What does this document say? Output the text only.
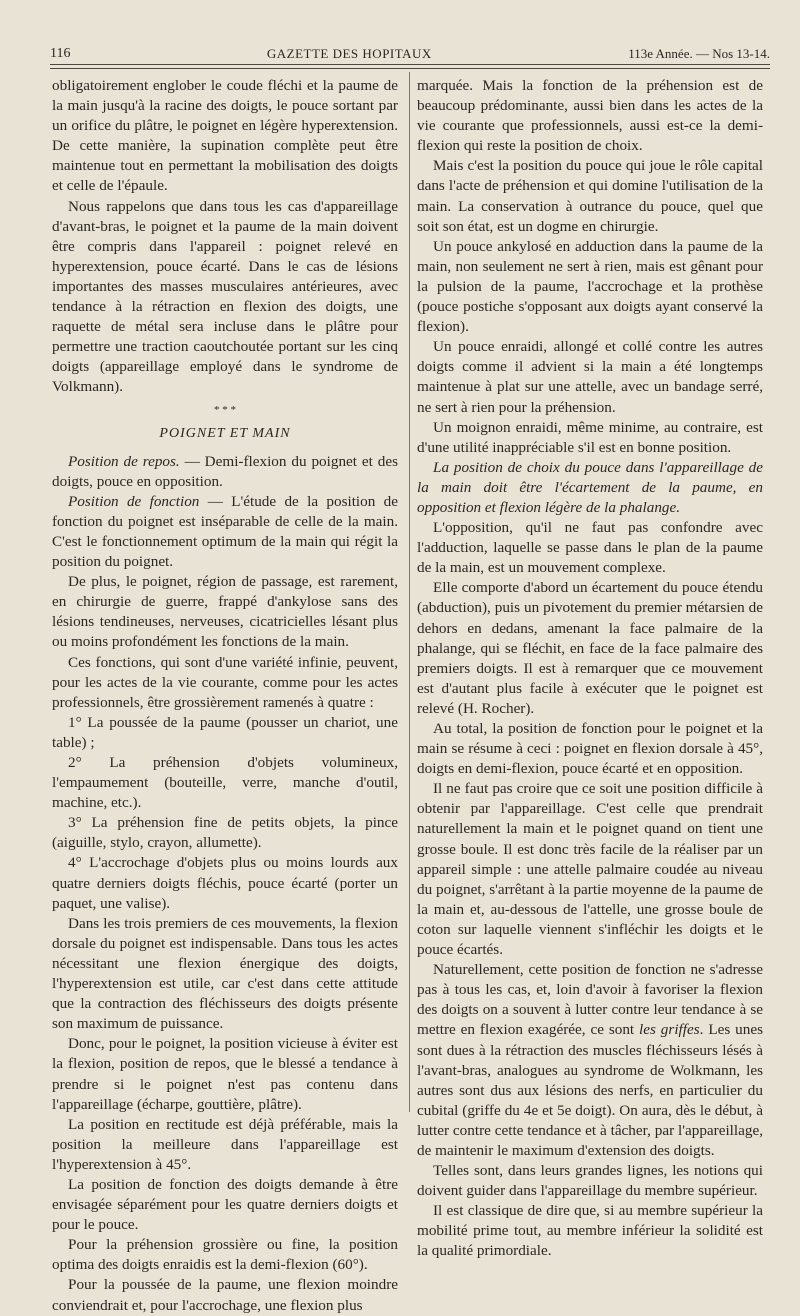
116	GAZETTE DES HOPITAUX	113e Année. — Nos 13-14.

obligatoirement englober le coude fléchi et la paume de la main jusqu'à la racine des doigts, le pouce sortant par un orifice du plâtre, le poignet en légère hyperextension. De cette manière, la supination complète peut être maintenue tout en permettant la mobilisation des doigts et celle de l'épaule.

Nous rappelons que dans tous les cas d'appareillage d'avant-bras, le poignet et la paume de la main doivent être compris dans l'appareil : poignet relevé en hyperextension, pouce écarté. Dans le cas de lésions importantes des masses musculaires antérieures, avec tendance à la rétraction en flexion des doigts, une raquette de métal sera incluse dans le plâtre pour permettre une traction caoutchoutée portant sur les cinq doigts (appareillage employé dans le syndrome de Volkmann).

* * *
POIGNET ET MAIN

Position de repos. — Demi-flexion du poignet et des doigts, pouce en opposition.

Position de fonction — L'étude de la position de fonction du poignet est inséparable de celle de la main. C'est le fonctionnement optimum de la main qui régit la position du poignet.

De plus, le poignet, région de passage, est rarement, en chirurgie de guerre, frappé d'ankylose sans des lésions tendineuses, nerveuses, cicatricielles lésant plus ou moins profondément les fonctions de la main.

Ces fonctions, qui sont d'une variété infinie, peuvent, pour les actes de la vie courante, comme pour les actes professionnels, être grossièrement ramenés à quatre :

1° La poussée de la paume (pousser un chariot, une table) ;

2° La préhension d'objets volumineux, l'empaumement (bouteille, verre, manche d'outil, machine, etc.).

3° La préhension fine de petits objets, la pince (aiguille, stylo, crayon, allumette).

4° L'accrochage d'objets plus ou moins lourds aux quatre derniers doigts fléchis, pouce écarté (porter un paquet, une valise).

Dans les trois premiers de ces mouvements, la flexion dorsale du poignet est indispensable. Dans tous les actes nécessitant une flexion énergique des doigts, l'hyperextension est utile, car c'est dans cette attitude que la contraction des fléchisseurs des doigts présente son maximum de puissance.

Donc, pour le poignet, la position vicieuse à éviter est la flexion, position de repos, que le blessé a tendance à prendre si le poignet n'est pas contenu dans l'appareillage (écharpe, gouttière, plâtre).

La position en rectitude est déjà préférable, mais la position la meilleure dans l'appareillage est l'hyperextension à 45°.

La position de fonction des doigts demande à être envisagée séparément pour les quatre derniers doigts et pour le pouce.

Pour la préhension grossière ou fine, la position optima des doigts enraidis est la demi-flexion (60°).

Pour la poussée de la paume, une flexion moindre conviendrait et, pour l'accrochage, une flexion plus

marquée. Mais la fonction de la préhension est de beaucoup prédominante, aussi bien dans les actes de la vie courante que professionnels, aussi est-ce la demi-flexion qui reste la position de choix.

Mais c'est la position du pouce qui joue le rôle capital dans l'acte de préhension et qui domine l'utilisation de la main. La conservation à outrance du pouce, quel que soit son état, est un dogme en chirurgie.

Un pouce ankylosé en adduction dans la paume de la main, non seulement ne sert à rien, mais est gênant pour la pulsion de la paume, l'accrochage et la prothèse (pouce postiche s'opposant aux doigts ayant conservé la flexion).

Un pouce enraidi, allongé et collé contre les autres doigts comme il advient si la main a été longtemps maintenue à plat sur une attelle, avec un bandage serré, ne sert à rien pour la préhension.

Un moignon enraidi, même minime, au contraire, est d'une utilité inappréciable s'il est en bonne position.

La position de choix du pouce dans l'appareillage de la main doit être l'écartement de la paume, en opposition et flexion légère de la phalange.

L'opposition, qu'il ne faut pas confondre avec l'adduction, laquelle se passe dans le plan de la paume de la main, est un mouvement complexe.

Elle comporte d'abord un écartement du pouce étendu (abduction), puis un pivotement du premier métarsien de dehors en dedans, amenant la face palmaire de la phalange, qui se fléchit, en face de la face palmaire des premiers doigts. Il est à remarquer que ce mouvement est d'autant plus facile à exécuter que le poignet est relevé (H. Rocher).

Au total, la position de fonction pour le poignet et la main se résume à ceci : poignet en flexion dorsale à 45°, doigts en demi-flexion, pouce écarté et en opposition.

Il ne faut pas croire que ce soit une position difficile à obtenir par l'appareillage. C'est celle que prendrait naturellement la main et le poignet quand on tient une grosse boule. Il est donc très facile de la réaliser par un appareil simple : une attelle palmaire coudée au niveau du poignet, s'arrêtant à la partie moyenne de la paume de la main et, au-dessous de l'attelle, une grosse boule de coton sur laquelle viennent s'infléchir les doigts et le pouce écartés.

Naturellement, cette position de fonction ne s'adresse pas à tous les cas, et, loin d'avoir à favoriser la flexion des doigts on a souvent à lutter contre leur tendance à se mettre en flexion exagérée, ce sont les griffes. Les unes sont dues à la rétraction des muscles fléchisseurs lésés à l'avant-bras, analogues au syndrome de Wolkmann, les autres sont dus aux lésions des nerfs, en particulier du cubital (griffe du 4e et 5e doigt). On aura, dès le début, à lutter contre cette tendance et à tâcher, par l'appareillage, de maintenir le maximum d'extension des doigts.

Telles sont, dans leurs grandes lignes, les notions qui doivent guider dans l'appareillage du membre supérieur.

Il est classique de dire que, si au membre supérieur la mobilité prime tout, au membre inférieur la solidité est la qualité primordiale.
